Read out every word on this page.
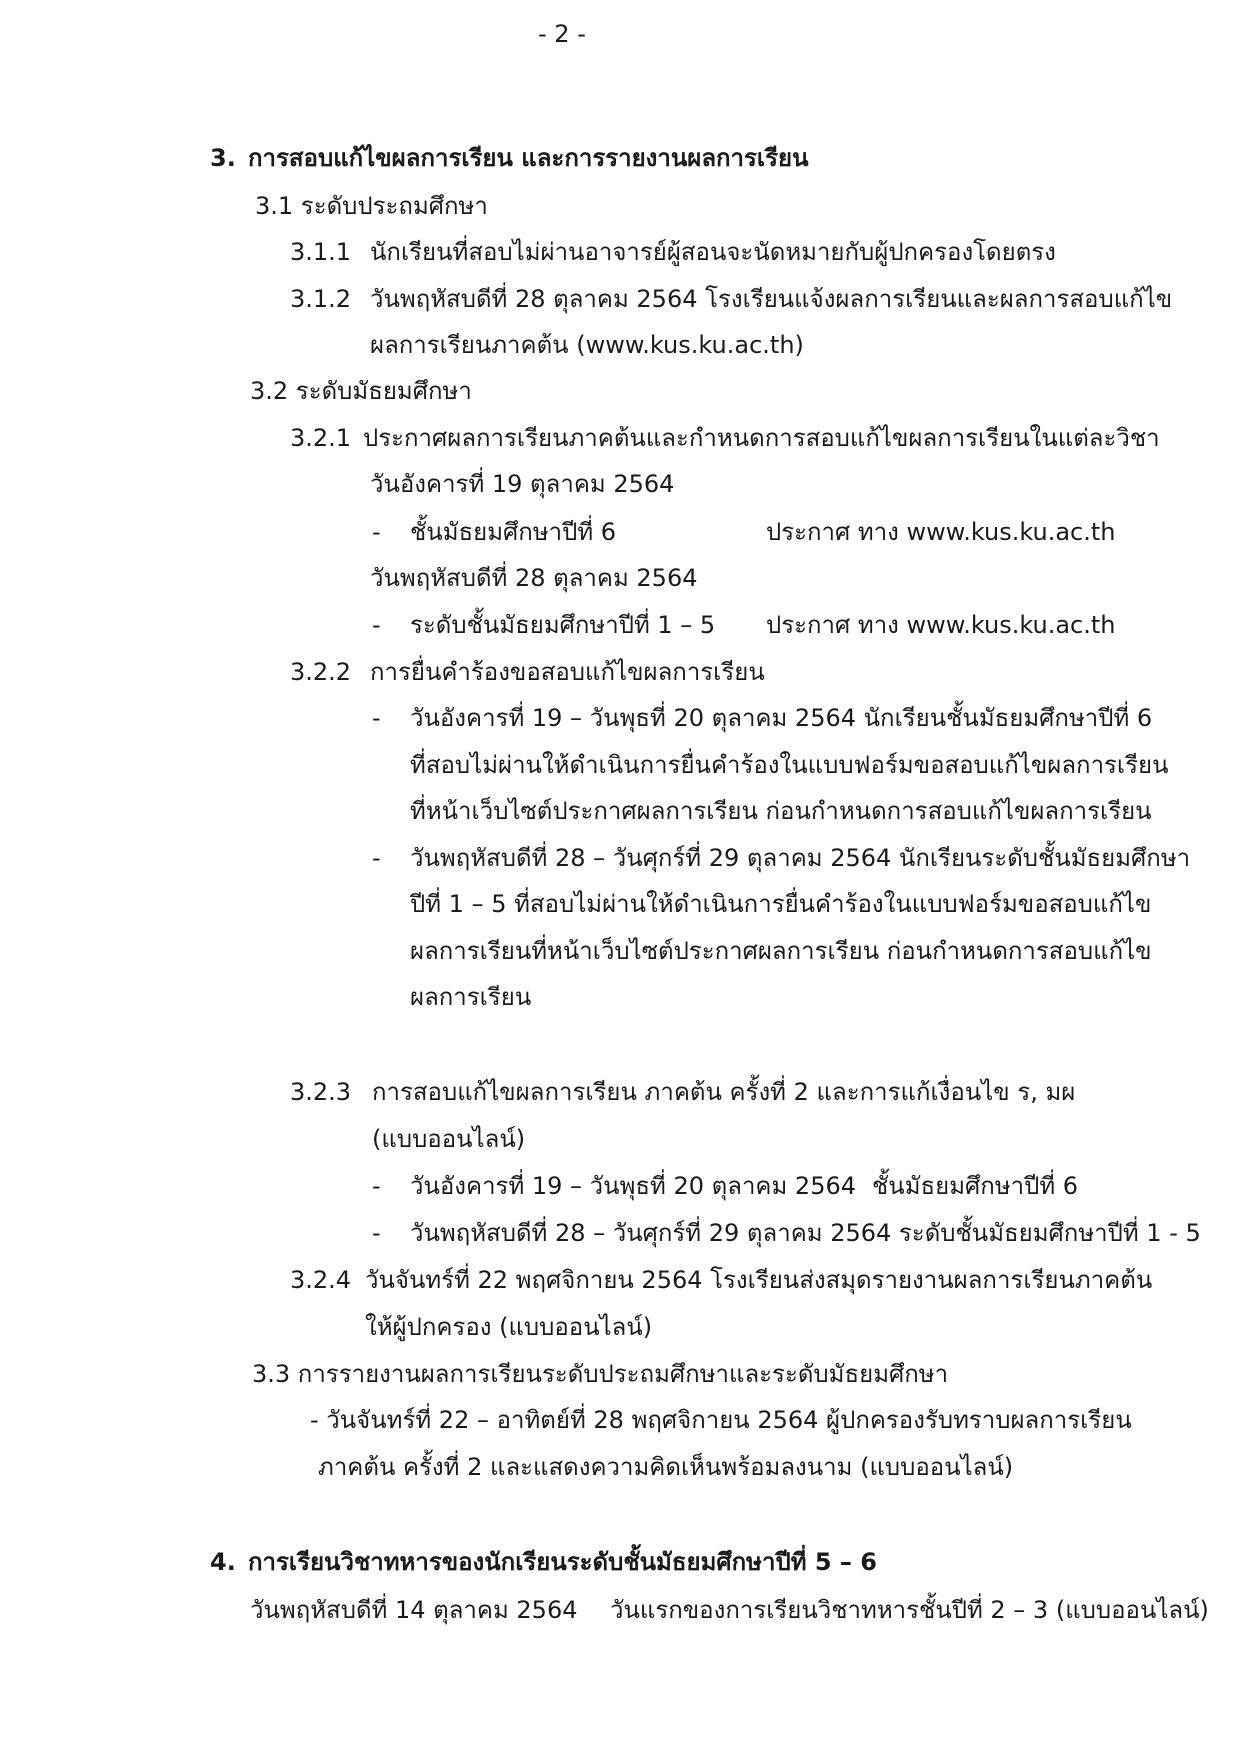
- 2 -
3. การสอบแก้ไขผลการเรียน และการรายงานผลการเรียน
3.1 ระดับประถมศึกษา
3.1.1 นักเรียนที่สอบไม่ผ่านอาจารย์ผู้สอนจะนัดหมายกับผู้ปกครองโดยตรง
3.1.2 วันพฤหัสบดีที่ 28 ตุลาคม 2564 โรงเรียนแจ้งผลการเรียนและผลการสอบแก้ไข
ผลการเรียนภาคต้น (www.kus.ku.ac.th)
3.2 ระดับมัธยมศึกษา
3.2.1 ประกาศผลการเรียนภาคต้นและกำหนดการสอบแก้ไขผลการเรียนในแต่ละวิชา
วันอังคารที่ 19 ตุลาคม 2564
- ชั้นมัธยมศึกษาปีที่ 6	ประกาศ ทาง www.kus.ku.ac.th
วันพฤหัสบดีที่ 28 ตุลาคม 2564
- ระดับชั้นมัธยมศึกษาปีที่ 1 – 5 ประกาศ ทาง www.kus.ku.ac.th
3.2.2 การยื่นคำร้องขอสอบแก้ไขผลการเรียน
- วันอังคารที่ 19 – วันพุธที่ 20 ตุลาคม 2564 นักเรียนชั้นมัธยมศึกษาปีที่ 6
ที่สอบไม่ผ่านให้ดำเนินการยื่นคำร้องในแบบฟอร์มขอสอบแก้ไขผลการเรียน
ที่หน้าเว็บไซต์ประกาศผลการเรียน ก่อนกำหนดการสอบแก้ไขผลการเรียน
- วันพฤหัสบดีที่ 28 – วันศุกร์ที่ 29 ตุลาคม 2564 นักเรียนระดับชั้นมัธยมศึกษา
ปีที่ 1 – 5 ที่สอบไม่ผ่านให้ดำเนินการยื่นคำร้องในแบบฟอร์มขอสอบแก้ไข
ผลการเรียนที่หน้าเว็บไซต์ประกาศผลการเรียน ก่อนกำหนดการสอบแก้ไข
ผลการเรียน
3.2.3 การสอบแก้ไขผลการเรียน ภาคต้น ครั้งที่ 2 และการแก้เงื่อนไข ร, มผ
(แบบออนไลน์)
- วันอังคารที่ 19 – วันพุธที่ 20 ตุลาคม 2564 ชั้นมัธยมศึกษาปีที่ 6
- วันพฤหัสบดีที่ 28 – วันศุกร์ที่ 29 ตุลาคม 2564 ระดับชั้นมัธยมศึกษาปีที่ 1 - 5
3.2.4 วันจันทร์ที่ 22 พฤศจิกายน 2564 โรงเรียนส่งสมุดรายงานผลการเรียนภาคต้น
ให้ผู้ปกครอง (แบบออนไลน์)
3.3 การรายงานผลการเรียนระดับประถมศึกษาและระดับมัธยมศึกษา
- วันจันทร์ที่ 22 – อาทิตย์ที่ 28 พฤศจิกายน 2564 ผู้ปกครองรับทราบผลการเรียน
ภาคต้น ครั้งที่ 2 และแสดงความคิดเห็นพร้อมลงนาม (แบบออนไลน์)
4. การเรียนวิชาทหารของนักเรียนระดับชั้นมัธยมศึกษาปีที่ 5 – 6
วันพฤหัสบดีที่ 14 ตุลาคม 2564 วันแรกของการเรียนวิชาทหารชั้นปีที่ 2 – 3 (แบบออนไลน์)
